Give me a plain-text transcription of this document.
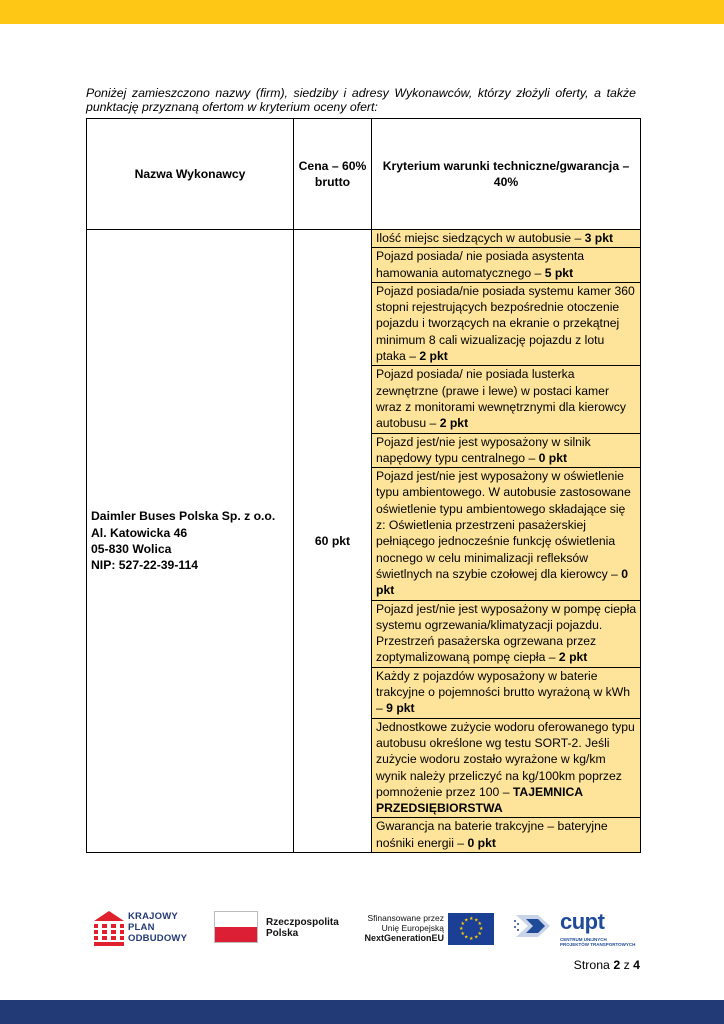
Poniżej zamieszczono nazwy (firm), siedziby i adresy Wykonawców, którzy złożyli oferty, a także punktację przyznaną ofertom w kryterium oceny ofert:

Nazwa Wykonawcy	Cena – 60% brutto	Kryterium warunki techniczne/gwarancja – 40%

Daimler Buses Polska Sp. z o.o.
Al. Katowicka 46
05-830 Wolica
NIP: 527-22-39-114	60 pkt	Ilość miejsc siedzących w autobusie – 3 pkt
		Pojazd posiada/ nie posiada asystenta hamowania automatycznego – 5 pkt
		Pojazd posiada/nie posiada systemu kamer 360 stopni rejestrujących bezpośrednie otoczenie pojazdu i tworzących na ekranie o przekątnej minimum 8 cali wizualizację pojazdu z lotu ptaka – 2 pkt
		Pojazd posiada/ nie posiada lusterka zewnętrzne (prawe i lewe) w postaci kamer wraz z monitorami wewnętrznymi dla kierowcy autobusu – 2 pkt
		Pojazd jest/nie jest wyposażony w silnik napędowy typu centralnego – 0 pkt
		Pojazd jest/nie jest wyposażony w oświetlenie typu ambientowego. W autobusie zastosowane oświetlenie typu ambientowego składające się z: Oświetlenia przestrzeni pasażerskiej pełniącego jednocześnie funkcję oświetlenia nocnego w celu minimalizacji refleksów świetlnych na szybie czołowej dla kierowcy – 0 pkt
		Pojazd jest/nie jest wyposażony w pompę ciepła systemu ogrzewania/klimatyzacji pojazdu. Przestrzeń pasażerska ogrzewana przez zoptymalizowaną pompę ciepła – 2 pkt
		Każdy z pojazdów wyposażony w baterie trakcyjne o pojemności brutto wyrażoną w kWh – 9 pkt
		Jednostkowe zużycie wodoru oferowanego typu autobusu określone wg testu SORT-2. Jeśli zużycie wodoru zostało wyrażone w kg/km wynik należy przeliczyć na kg/100km poprzez pomnożenie przez 100 – TAJEMNICA PRZEDSIĘBIORSTWA
		Gwarancja na baterie trakcyjne – bateryjne nośniki energii – 0 pkt
KRAJOWY
PLAN
ODBUDOWY
Rzeczpospolita
Polska
Sfinansowane przez
Unię Europejską
NextGenerationEU
★ ★
★
★
★
★
★
★
★
★
★
★	cupt
CENTRUM UNIJNYCH
PROJEKTÓW TRANSPORTOWYCH
Strona 2 z 4
